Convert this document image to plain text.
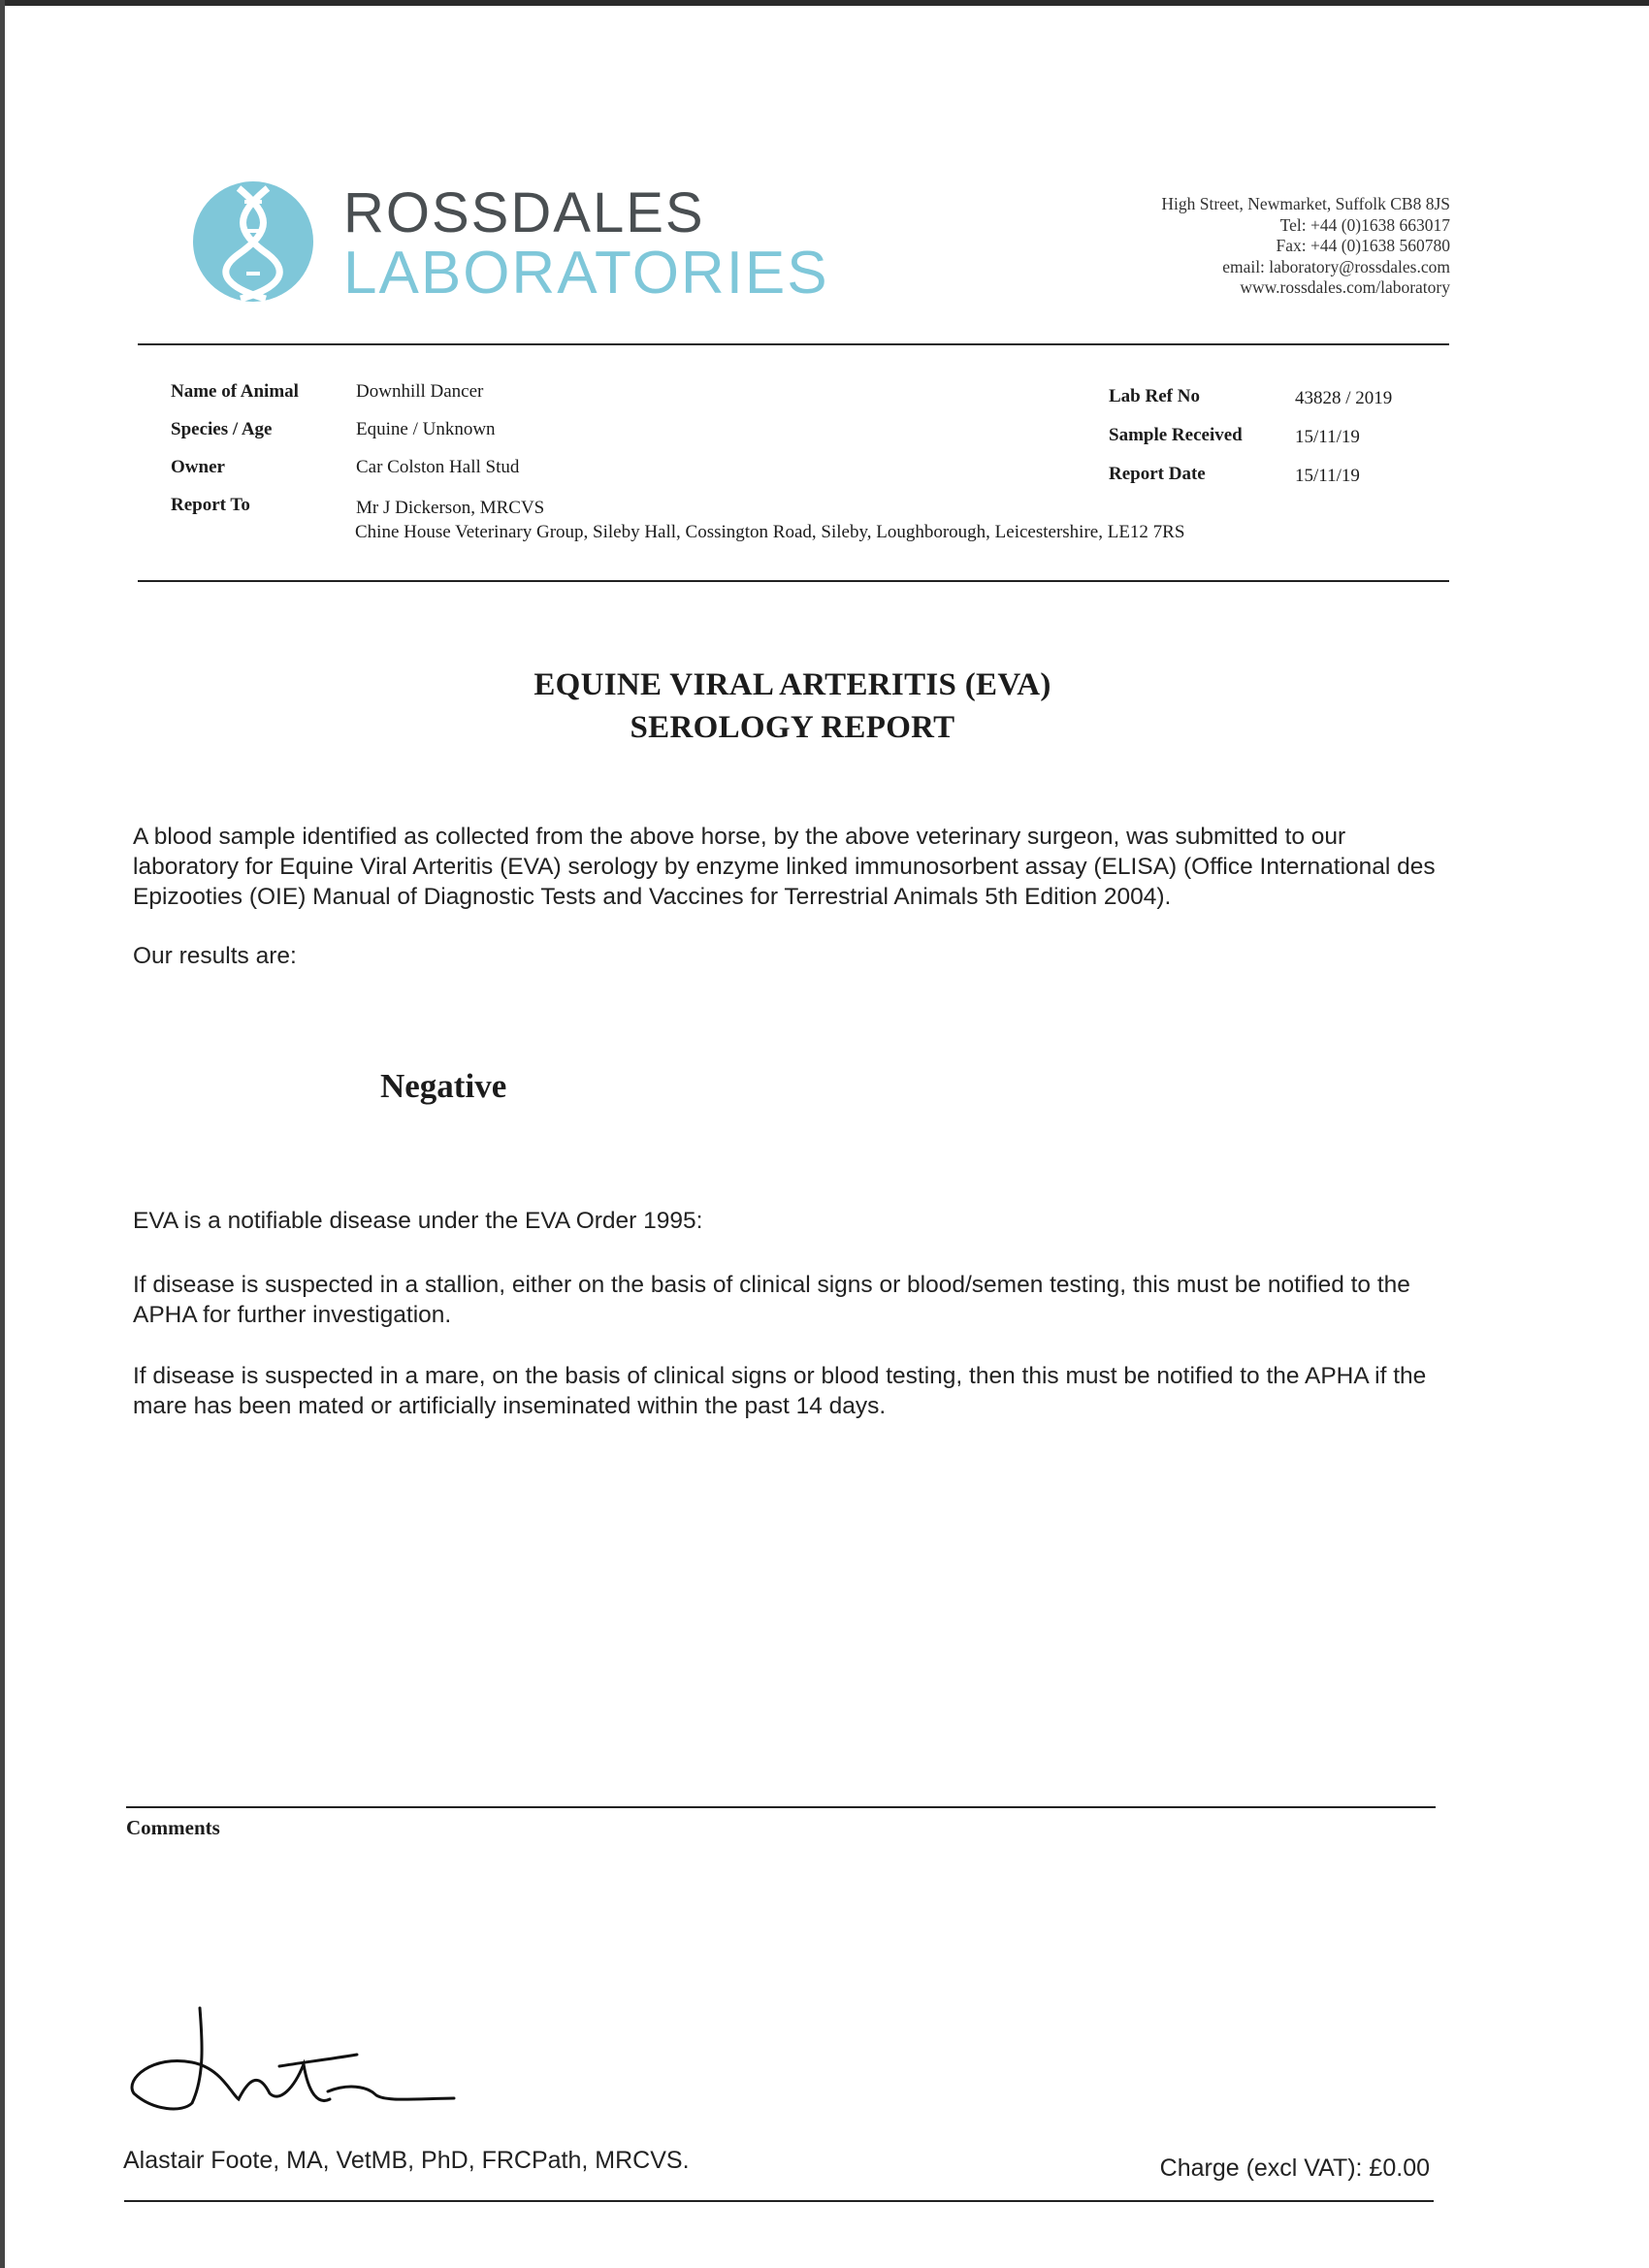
ROSSDALES
LABORATORIES
High Street, Newmarket, Suffolk CB8 8JS
Tel: +44 (0)1638 663017
Fax: +44 (0)1638 560780
email: laboratory@rossdales.com
www.rossdales.com/laboratory
Name of Animal	Downhill Dancer
Species / Age	Equine / Unknown
Owner	Car Colston Hall Stud
Report To	Mr J Dickerson, MRCVS
Chine House Veterinary Group, Sileby Hall, Cossington Road, Sileby, Loughborough, Leicestershire, LE12 7RS
Lab Ref No	43828 / 2019
Sample Received	15/11/19
Report Date	15/11/19
EQUINE VIRAL ARTERITIS (EVA)
SEROLOGY REPORT
A blood sample identified as collected from the above horse, by the above veterinary surgeon, was submitted to our laboratory for Equine Viral Arteritis (EVA) serology by enzyme linked immunosorbent assay (ELISA) (Office International des Epizooties (OIE) Manual of Diagnostic Tests and Vaccines for Terrestrial Animals 5th Edition 2004).
Our results are:
Negative
EVA is a notifiable disease under the EVA Order 1995:
If disease is suspected in a stallion, either on the basis of clinical signs or blood/semen testing, this must be notified to the APHA for further investigation.
If disease is suspected in a mare, on the basis of clinical signs or blood testing, then this must be notified to the APHA if the mare has been mated or artificially inseminated within the past 14 days.
Comments
Alastair Foote, MA, VetMB, PhD, FRCPath, MRCVS.	Charge (excl VAT): £0.00
